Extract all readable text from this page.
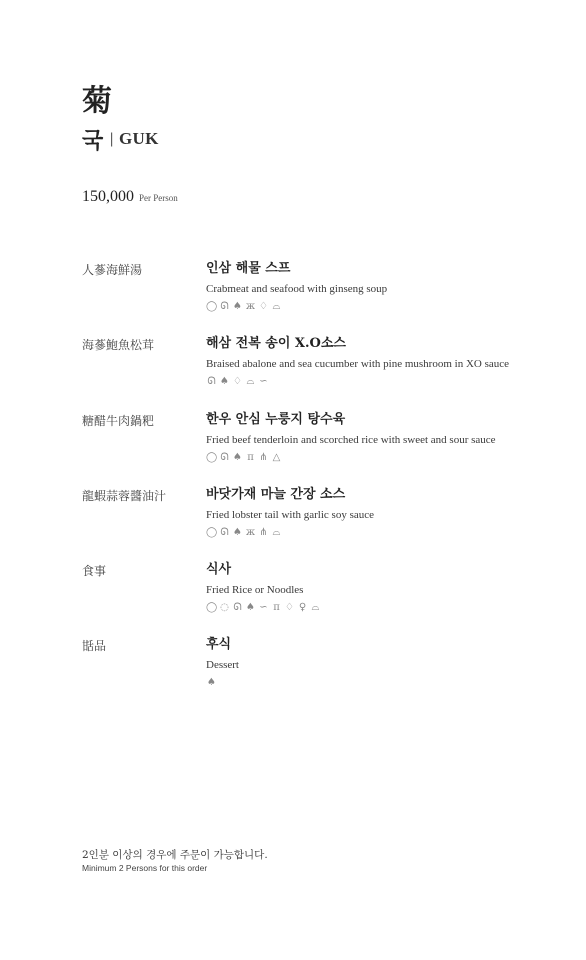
菊
국 | GUK
150,000 Per Person
人蔘海鮮湯	인삼 해물 스프
Crabmeat and seafood with ginseng soup
◯ ᘏ ♠ ж ♢ ⌓
海蔘鮑魚松茸	해삼 전복 송이 X.O소스
Braised abalone and sea cucumber with pine mushroom in XO sauce
ᘏ ♠ ♢ ⌓ ∽
糖醋牛肉鍋粑	한우 안심 누룽지 탕수육
Fried beef tenderloin and scorched rice with sweet and sour sauce
◯ ᘏ ♠ π ⋔ △
龍蝦蒜蓉醬油汁	바닷가재 마늘 간장 소스
Fried lobster tail with garlic soy sauce
◯ ᘏ ♠ ж ⋔ ⌓
食事	식사
Fried Rice or Noodles
◯ ◌ ᘏ ♠ ∽ π ♢ ♀ ⌓
甛品	후식
Dessert
♠
2인분 이상의 경우에 주문이 가능합니다.
Minimum 2 Persons for this order
